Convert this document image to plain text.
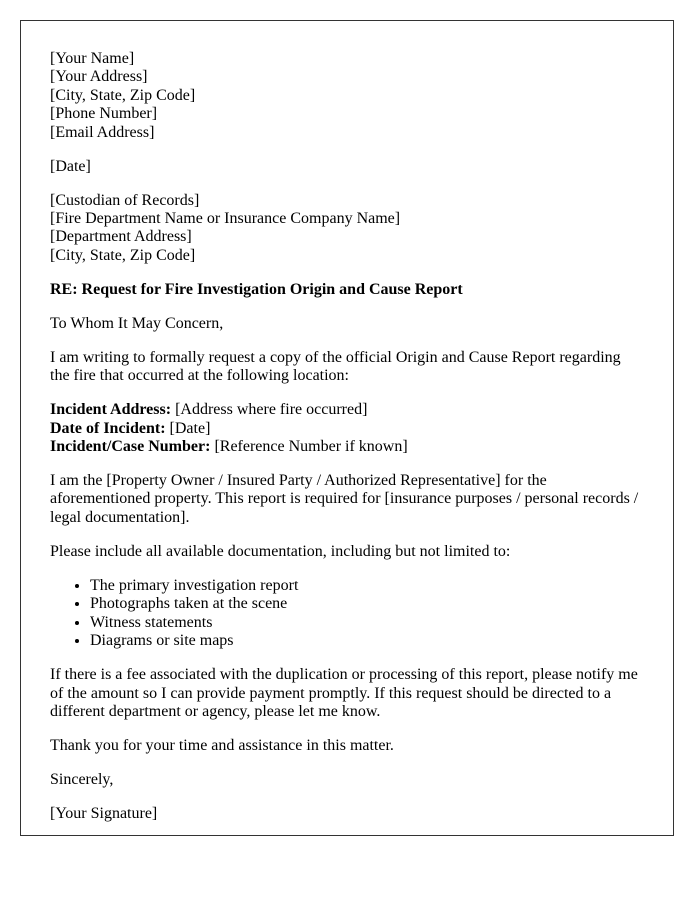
[Your Name]
[Your Address]
[City, State, Zip Code]
[Phone Number]
[Email Address]

[Date]

[Custodian of Records]
[Fire Department Name or Insurance Company Name]
[Department Address]
[City, State, Zip Code]

RE: Request for Fire Investigation Origin and Cause Report

To Whom It May Concern,

I am writing to formally request a copy of the official Origin and Cause Report regarding the fire that occurred at the following location:

Incident Address: [Address where fire occurred]
Date of Incident: [Date]
Incident/Case Number: [Reference Number if known]

I am the [Property Owner / Insured Party / Authorized Representative] for the aforementioned property. This report is required for [insurance purposes / personal records / legal documentation].

Please include all available documentation, including but not limited to:

• The primary investigation report
• Photographs taken at the scene
• Witness statements
• Diagrams or site maps

If there is a fee associated with the duplication or processing of this report, please notify me of the amount so I can provide payment promptly. If this request should be directed to a different department or agency, please let me know.

Thank you for your time and assistance in this matter.

Sincerely,

[Your Signature]
